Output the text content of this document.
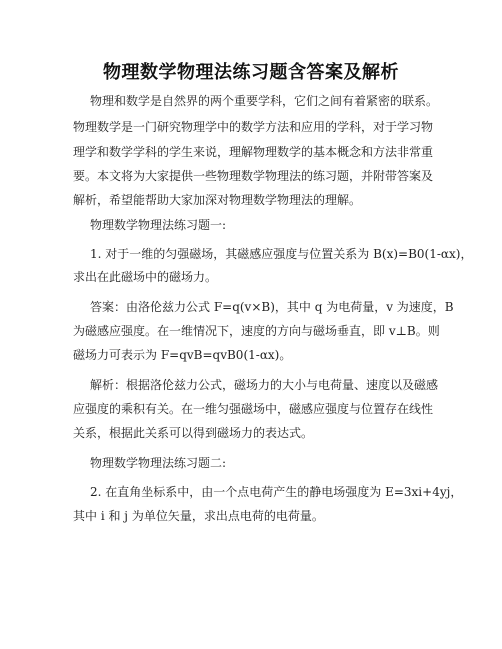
物理数学物理法练习题含答案及解析
物理和数学是自然界的两个重要学科，它们之间有着紧密的联系。
物理数学是一门研究物理学中的数学方法和应用的学科，对于学习物
理学和数学学科的学生来说，理解物理数学的基本概念和方法非常重
要。本文将为大家提供一些物理数学物理法的练习题，并附带答案及
解析，希望能帮助大家加深对物理数学物理法的理解。
物理数学物理法练习题一:
1. 对于一维的匀强磁场，其磁感应强度与位置关系为 B(x)=B0(1-αx)，
求出在此磁场中的磁场力。
答案：由洛伦兹力公式 F=q(v×B)，其中 q 为电荷量，v 为速度，B
为磁感应强度。在一维情况下，速度的方向与磁场垂直，即 v⊥B。则
磁场力可表示为 F=qvB=qvB0(1-αx)。
解析：根据洛伦兹力公式，磁场力的大小与电荷量、速度以及磁感
应强度的乘积有关。在一维匀强磁场中，磁感应强度与位置存在线性
关系，根据此关系可以得到磁场力的表达式。
物理数学物理法练习题二:
2. 在直角坐标系中，由一个点电荷产生的静电场强度为 E=3xi+4yj，
其中 i 和 j 为单位矢量，求出点电荷的电荷量。
